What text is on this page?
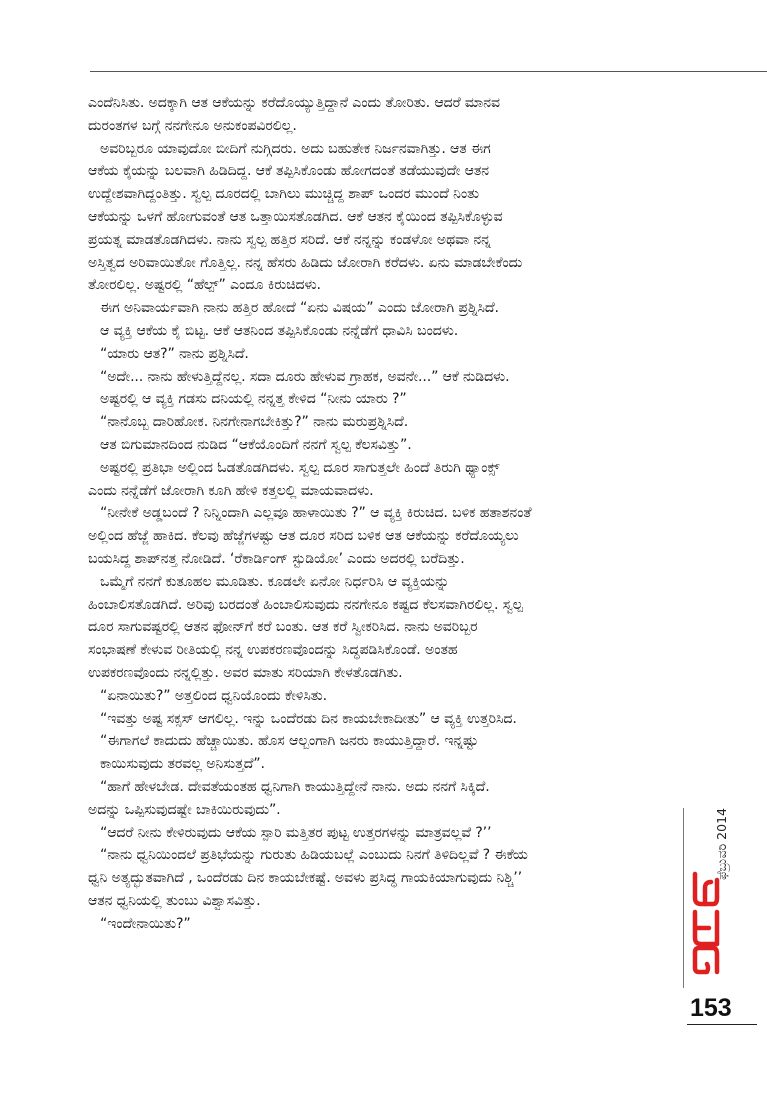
ಎಂದೆನಿಸಿತು. ಅದಕ್ಕಾಗಿ ಆತ ಆಕೆಯನ್ನು ಕರೆದೊಯ್ಯುತ್ತಿದ್ದಾನೆ ಎಂದು ತೋರಿತು. ಆದರೆ ಮಾನವ

ದುರಂತಗಳ ಬಗ್ಗೆ ನನಗೇನೂ ಅನುಕಂಪವಿರಲಿಲ್ಲ.

ಅವರಿಬ್ಬರೂ ಯಾವುದೋ ಬೀದಿಗೆ ನುಗ್ಗಿದರು. ಅದು ಬಹುತೇಕ ನಿರ್ಜನವಾಗಿತ್ತು. ಆತ ಈಗ

ಆಕೆಯ ಕೈಯನ್ನು ಬಲವಾಗಿ ಹಿಡಿದಿದ್ದ. ಆಕೆ ತಪ್ಪಿಸಿಕೊಂಡು ಹೋಗದಂತೆ ತಡೆಯುವುದೇ ಆತನ

ಉದ್ದೇಶವಾಗಿದ್ದಂತಿತ್ತು. ಸ್ವಲ್ಪ ದೂರದಲ್ಲಿ ಬಾಗಿಲು ಮುಚ್ಚಿದ್ದ ಶಾಪ್ ಒಂದರ ಮುಂದೆ ನಿಂತು

ಆಕೆಯನ್ನು ಒಳಗೆ ಹೋಗುವಂತೆ ಆತ ಒತ್ತಾಯಿಸತೊಡಗಿದ. ಆಕೆ ಆತನ ಕೈಯಿಂದ ತಪ್ಪಿಸಿಕೊಳ್ಳುವ

ಪ್ರಯತ್ನ ಮಾಡತೊಡಗಿದಳು. ನಾನು ಸ್ವಲ್ಪ ಹತ್ತಿರ ಸರಿದೆ. ಆಕೆ ನನ್ನನ್ನು ಕಂಡಳೋ ಅಥವಾ ನನ್ನ

ಅಸ್ತಿತ್ವದ ಅರಿವಾಯಿತೋ ಗೊತ್ತಿಲ್ಲ. ನನ್ನ ಹೆಸರು ಹಿಡಿದು ಜೋರಾಗಿ ಕರೆದಳು. ಏನು ಮಾಡಬೇಕೆಂದು

ತೋರಲಿಲ್ಲ. ಅಷ್ಟರಲ್ಲಿ “ಹೆಲ್ಪ್” ಎಂದೂ ಕಿರುಚಿದಳು.

ಈಗ ಅನಿವಾರ್ಯವಾಗಿ ನಾನು ಹತ್ತಿರ ಹೋದೆ “ಏನು ವಿಷಯ” ಎಂದು ಜೋರಾಗಿ ಪ್ರಶ್ನಿಸಿದೆ.

ಆ ವ್ಯಕ್ತಿ ಆಕೆಯ ಕೈ ಬಿಟ್ಟ. ಆಕೆ ಆತನಿಂದ ತಪ್ಪಿಸಿಕೊಂಡು ನನ್ನೆಡೆಗೆ ಧಾವಿಸಿ ಬಂದಳು.

“ಯಾರು ಆತ?” ನಾನು ಪ್ರಶ್ನಿಸಿದೆ.

“ಅದೇ... ನಾನು ಹೇಳುತ್ತಿದ್ದೆನಲ್ಲ. ಸದಾ ದೂರು ಹೇಳುವ ಗ್ರಾಹಕ, ಅವನೇ...” ಆಕೆ ನುಡಿದಳು.

ಅಷ್ಟರಲ್ಲಿ ಆ ವ್ಯಕ್ತಿ ಗಡಸು ದನಿಯಲ್ಲಿ ನನ್ನತ್ತ ಕೇಳಿದ “ನೀನು ಯಾರು ?”

“ನಾನೊಬ್ಬ ದಾರಿಹೋಕ. ನಿನಗೇನಾಗಬೇಕಿತ್ತು?” ನಾನು ಮರುಪ್ರಶ್ನಿಸಿದೆ.

ಆತ ಬಿಗುಮಾನದಿಂದ ನುಡಿದ “ಆಕೆಯೊಂದಿಗೆ ನನಗೆ ಸ್ವಲ್ಪ ಕೆಲಸವಿತ್ತು”.

ಅಷ್ಟರಲ್ಲಿ ಪ್ರತಿಭಾ ಅಲ್ಲಿಂದ ಓಡತೊಡಗಿದಳು. ಸ್ವಲ್ಪ ದೂರ ಸಾಗುತ್ತಲೇ ಹಿಂದೆ ತಿರುಗಿ ಥ್ಯಾಂಕ್ಸ್

ಎಂದು ನನ್ನೆಡೆಗೆ ಜೋರಾಗಿ ಕೂಗಿ ಹೇಳಿ ಕತ್ತಲಲ್ಲಿ ಮಾಯವಾದಳು.

“ನೀನೇಕೆ ಅಡ್ಡಬಂದೆ ? ನಿನ್ನಿಂದಾಗಿ ಎಲ್ಲವೂ ಹಾಳಾಯಿತು ?” ಆ ವ್ಯಕ್ತಿ ಕಿರುಚಿದ. ಬಳಿಕ ಹತಾಶನಂತೆ

ಅಲ್ಲಿಂದ ಹೆಜ್ಜೆ ಹಾಕಿದ. ಕೆಲವು ಹೆಜ್ಜೆಗಳಷ್ಟು ಆತ ದೂರ ಸರಿದ ಬಳಿಕ ಆತ ಆಕೆಯನ್ನು ಕರೆದೊಯ್ಯಲು

ಬಯಸಿದ್ದ ಶಾಪ್‌ನತ್ತ ನೋಡಿದೆ. ‘ರೆಕಾರ್ಡಿಂಗ್ ಸ್ಟುಡಿಯೋ’ ಎಂದು ಅದರಲ್ಲಿ ಬರೆದಿತ್ತು.

ಒಮ್ಮೆಗೆ ನನಗೆ ಕುತೂಹಲ ಮೂಡಿತು. ಕೂಡಲೇ ಏನೋ ನಿರ್ಧರಿಸಿ ಆ ವ್ಯಕ್ತಿಯನ್ನು

ಹಿಂಬಾಲಿಸತೊಡಗಿದೆ. ಅರಿವು ಬರದಂತೆ ಹಿಂಬಾಲಿಸುವುದು ನನಗೇನೂ ಕಷ್ಟದ ಕೆಲಸವಾಗಿರಲಿಲ್ಲ. ಸ್ವಲ್ಪ

ದೂರ ಸಾಗುವಷ್ಟರಲ್ಲಿ ಆತನ ಫೋನ್‌ಗೆ ಕರೆ ಬಂತು. ಆತ ಕರೆ ಸ್ವೀಕರಿಸಿದ. ನಾನು ಅವರಿಬ್ಬರ

ಸಂಭಾಷಣೆ ಕೇಳುವ ರೀತಿಯಲ್ಲಿ ನನ್ನ ಉಪಕರಣವೊಂದನ್ನು ಸಿದ್ಧಪಡಿಸಿಕೊಂಡೆ. ಅಂತಹ

ಉಪಕರಣವೊಂದು ನನ್ನಲ್ಲಿತ್ತು. ಅವರ ಮಾತು ಸರಿಯಾಗಿ ಕೇಳತೊಡಗಿತು.

“ಏನಾಯಿತು?” ಅತ್ತಲಿಂದ ಧ್ವನಿಯೊಂದು ಕೇಳಿಸಿತು.

“ಇವತ್ತು ಅಷ್ಟ ಸಕ್ಸಸ್ ಆಗಲಿಲ್ಲ. ಇನ್ನು ಒಂದೆರಡು ದಿನ ಕಾಯಬೇಕಾದೀತು” ಆ ವ್ಯಕ್ತಿ ಉತ್ತರಿಸಿದ.

“ಈಗಾಗಲೆ ಕಾದುದು ಹೆಚ್ಚಾಯಿತು. ಹೊಸ ಆಲ್ಬಂಗಾಗಿ ಜನರು ಕಾಯುತ್ತಿದ್ದಾರೆ. ಇನ್ನಷ್ಟು

ಕಾಯಿಸುವುದು ತರವಲ್ಲ ಅನಿಸುತ್ತದೆ”.

“ಹಾಗೆ ಹೇಳಬೇಡ. ದೇವತೆಯಂತಹ ಧ್ವನಿಗಾಗಿ ಕಾಯುತ್ತಿದ್ದೇನೆ ನಾನು. ಅದು ನನಗೆ ಸಿಕ್ಕಿದೆ.

ಅದನ್ನು ಒಪ್ಪಿಸುವುದಷ್ಟೇ ಬಾಕಿಯಿರುವುದು”.

“ಆದರೆ ನೀನು ಕೇಳಿರುವುದು ಆಕೆಯ ಸ್ಪಾರಿ ಮತ್ತಿತರ ಪುಟ್ಟ ಉತ್ತರಗಳನ್ನು ಮಾತ್ರವಲ್ಲವೆ ?’’

“ನಾನು ಧ್ವನಿಯಿಂದಲೆ ಪ್ರತಿಭೆಯನ್ನು ಗುರುತು ಹಿಡಿಯಬಲ್ಲೆ ಎಂಬುದು ನಿನಗೆ ತಿಳಿದಿಲ್ಲವೆ ? ಈಕೆಯ

ಧ್ವನಿ ಅತ್ಯದ್ಭುತವಾಗಿದೆ , ಒಂದೆರಡು ದಿನ ಕಾಯಬೇಕಷ್ಟೆ. ಅವಳು ಪ್ರಸಿದ್ಧ ಗಾಯಕಿಯಾಗುವುದು ನಿಶ್ಚಿ’’

ಆತನ ಧ್ವನಿಯಲ್ಲಿ ತುಂಬು ವಿಶ್ವಾಸವಿತ್ತು.

“ಇಂದೇನಾಯಿತು?”

ಫೆಬ್ರುವರಿ 2014
153
